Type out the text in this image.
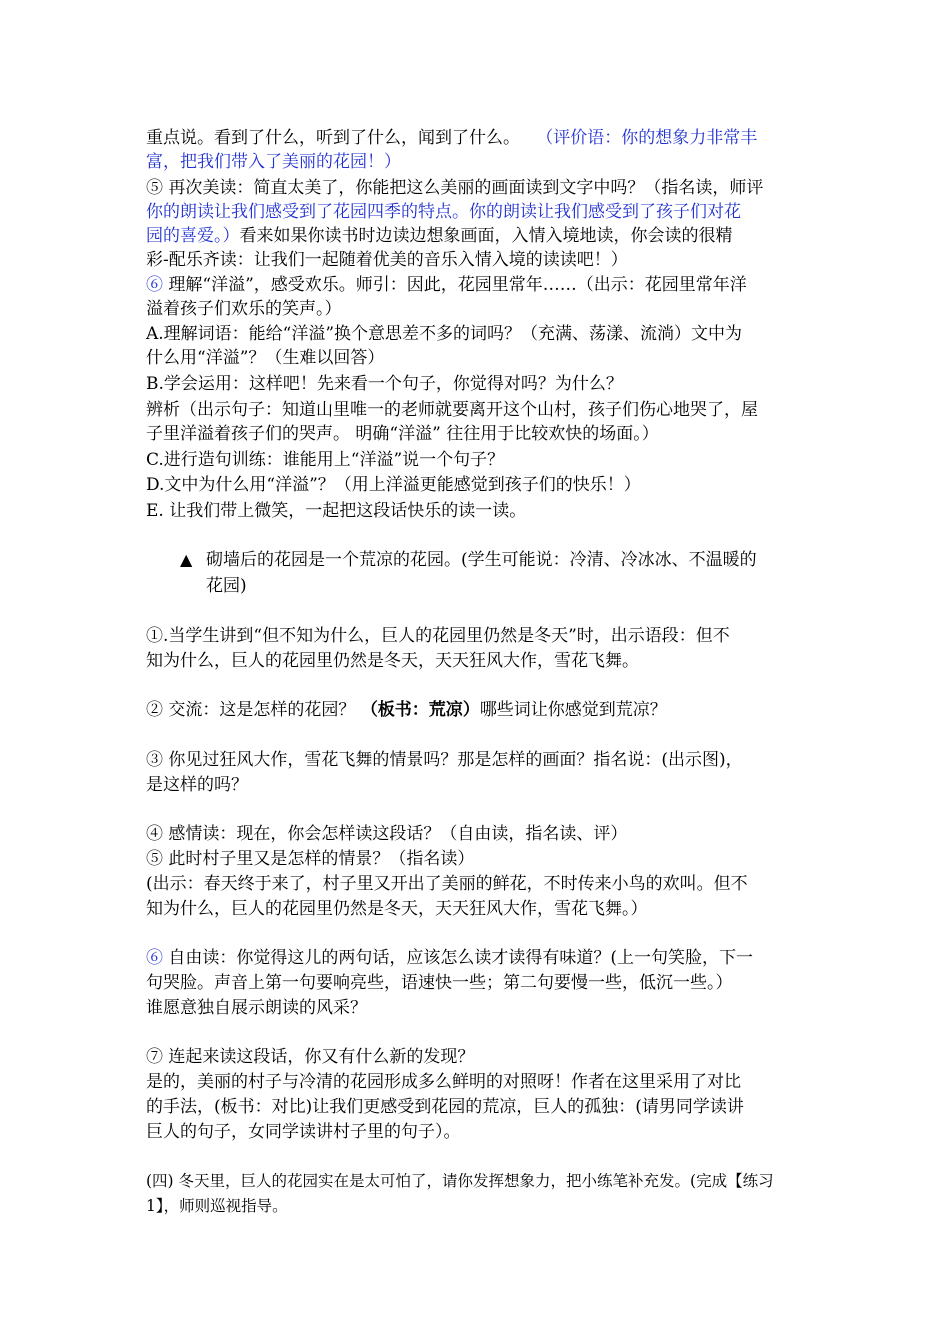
重点说。看到了什么，听到了什么，闻到了什么。 （评价语：你的想象力非常丰
富，把我们带入了美丽的花园！）
⑤ 再次美读：简直太美了，你能把这么美丽的画面读到文字中吗？（指名读，师评
你的朗读让我们感受到了花园四季的特点。你的朗读让我们感受到了孩子们对花
园的喜爱。）看来如果你读书时边读边想象画面，入情入境地读，你会读的很精
彩-配乐齐读：让我们一起随着优美的音乐入情入境的读读吧！）
⑥ 理解“洋溢”，感受欢乐。师引：因此，花园里常年……（出示：花园里常年洋
溢着孩子们欢乐的笑声。）
A.理解词语：能给“洋溢”换个意思差不多的词吗？（充满、荡漾、流淌）文中为
什么用“洋溢”？（生难以回答）
B.学会运用：这样吧！先来看一个句子，你觉得对吗？为什么？
辨析（出示句子：知道山里唯一的老师就要离开这个山村，孩子们伤心地哭了，屋
子里洋溢着孩子们的哭声。 明确“洋溢” 往往用于比较欢快的场面。）
C.进行造句训练：谁能用上“洋溢”说一个句子？
D.文中为什么用“洋溢”？（用上洋溢更能感觉到孩子们的快乐！）
E. 让我们带上微笑，一起把这段话快乐的读一读。
▲ 砌墙后的花园是一个荒凉的花园。(学生可能说：冷清、冷冰冰、不温暖的
花园)
①.当学生讲到“但不知为什么，巨人的花园里仍然是冬天”时，出示语段：但不
知为什么，巨人的花园里仍然是冬天，天天狂风大作，雪花飞舞。
② 交流：这是怎样的花园？ （板书：荒凉）哪些词让你感觉到荒凉？
③ 你见过狂风大作，雪花飞舞的情景吗？那是怎样的画面？指名说：(出示图)，
是这样的吗？
④ 感情读：现在，你会怎样读这段话？（自由读，指名读、评）
⑤ 此时村子里又是怎样的情景？（指名读）
(出示：春天终于来了，村子里又开出了美丽的鲜花，不时传来小鸟的欢叫。但不
知为什么，巨人的花园里仍然是冬天，天天狂风大作，雪花飞舞。）
⑥ 自由读：你觉得这儿的两句话，应该怎么读才读得有味道？(上一句笑脸，下一
句哭脸。声音上第一句要响亮些，语速快一些；第二句要慢一些，低沉一些。）
谁愿意独自展示朗读的风采？
⑦ 连起来读这段话，你又有什么新的发现？
是的，美丽的村子与冷清的花园形成多么鲜明的对照呀！作者在这里采用了对比
的手法，(板书：对比)让我们更感受到花园的荒凉，巨人的孤独：(请男同学读讲
巨人的句子，女同学读讲村子里的句子）。
(四) 冬天里，巨人的花园实在是太可怕了，请你发挥想象力，把小练笔补充发。(完成【练习
1】，师则巡视指导。
